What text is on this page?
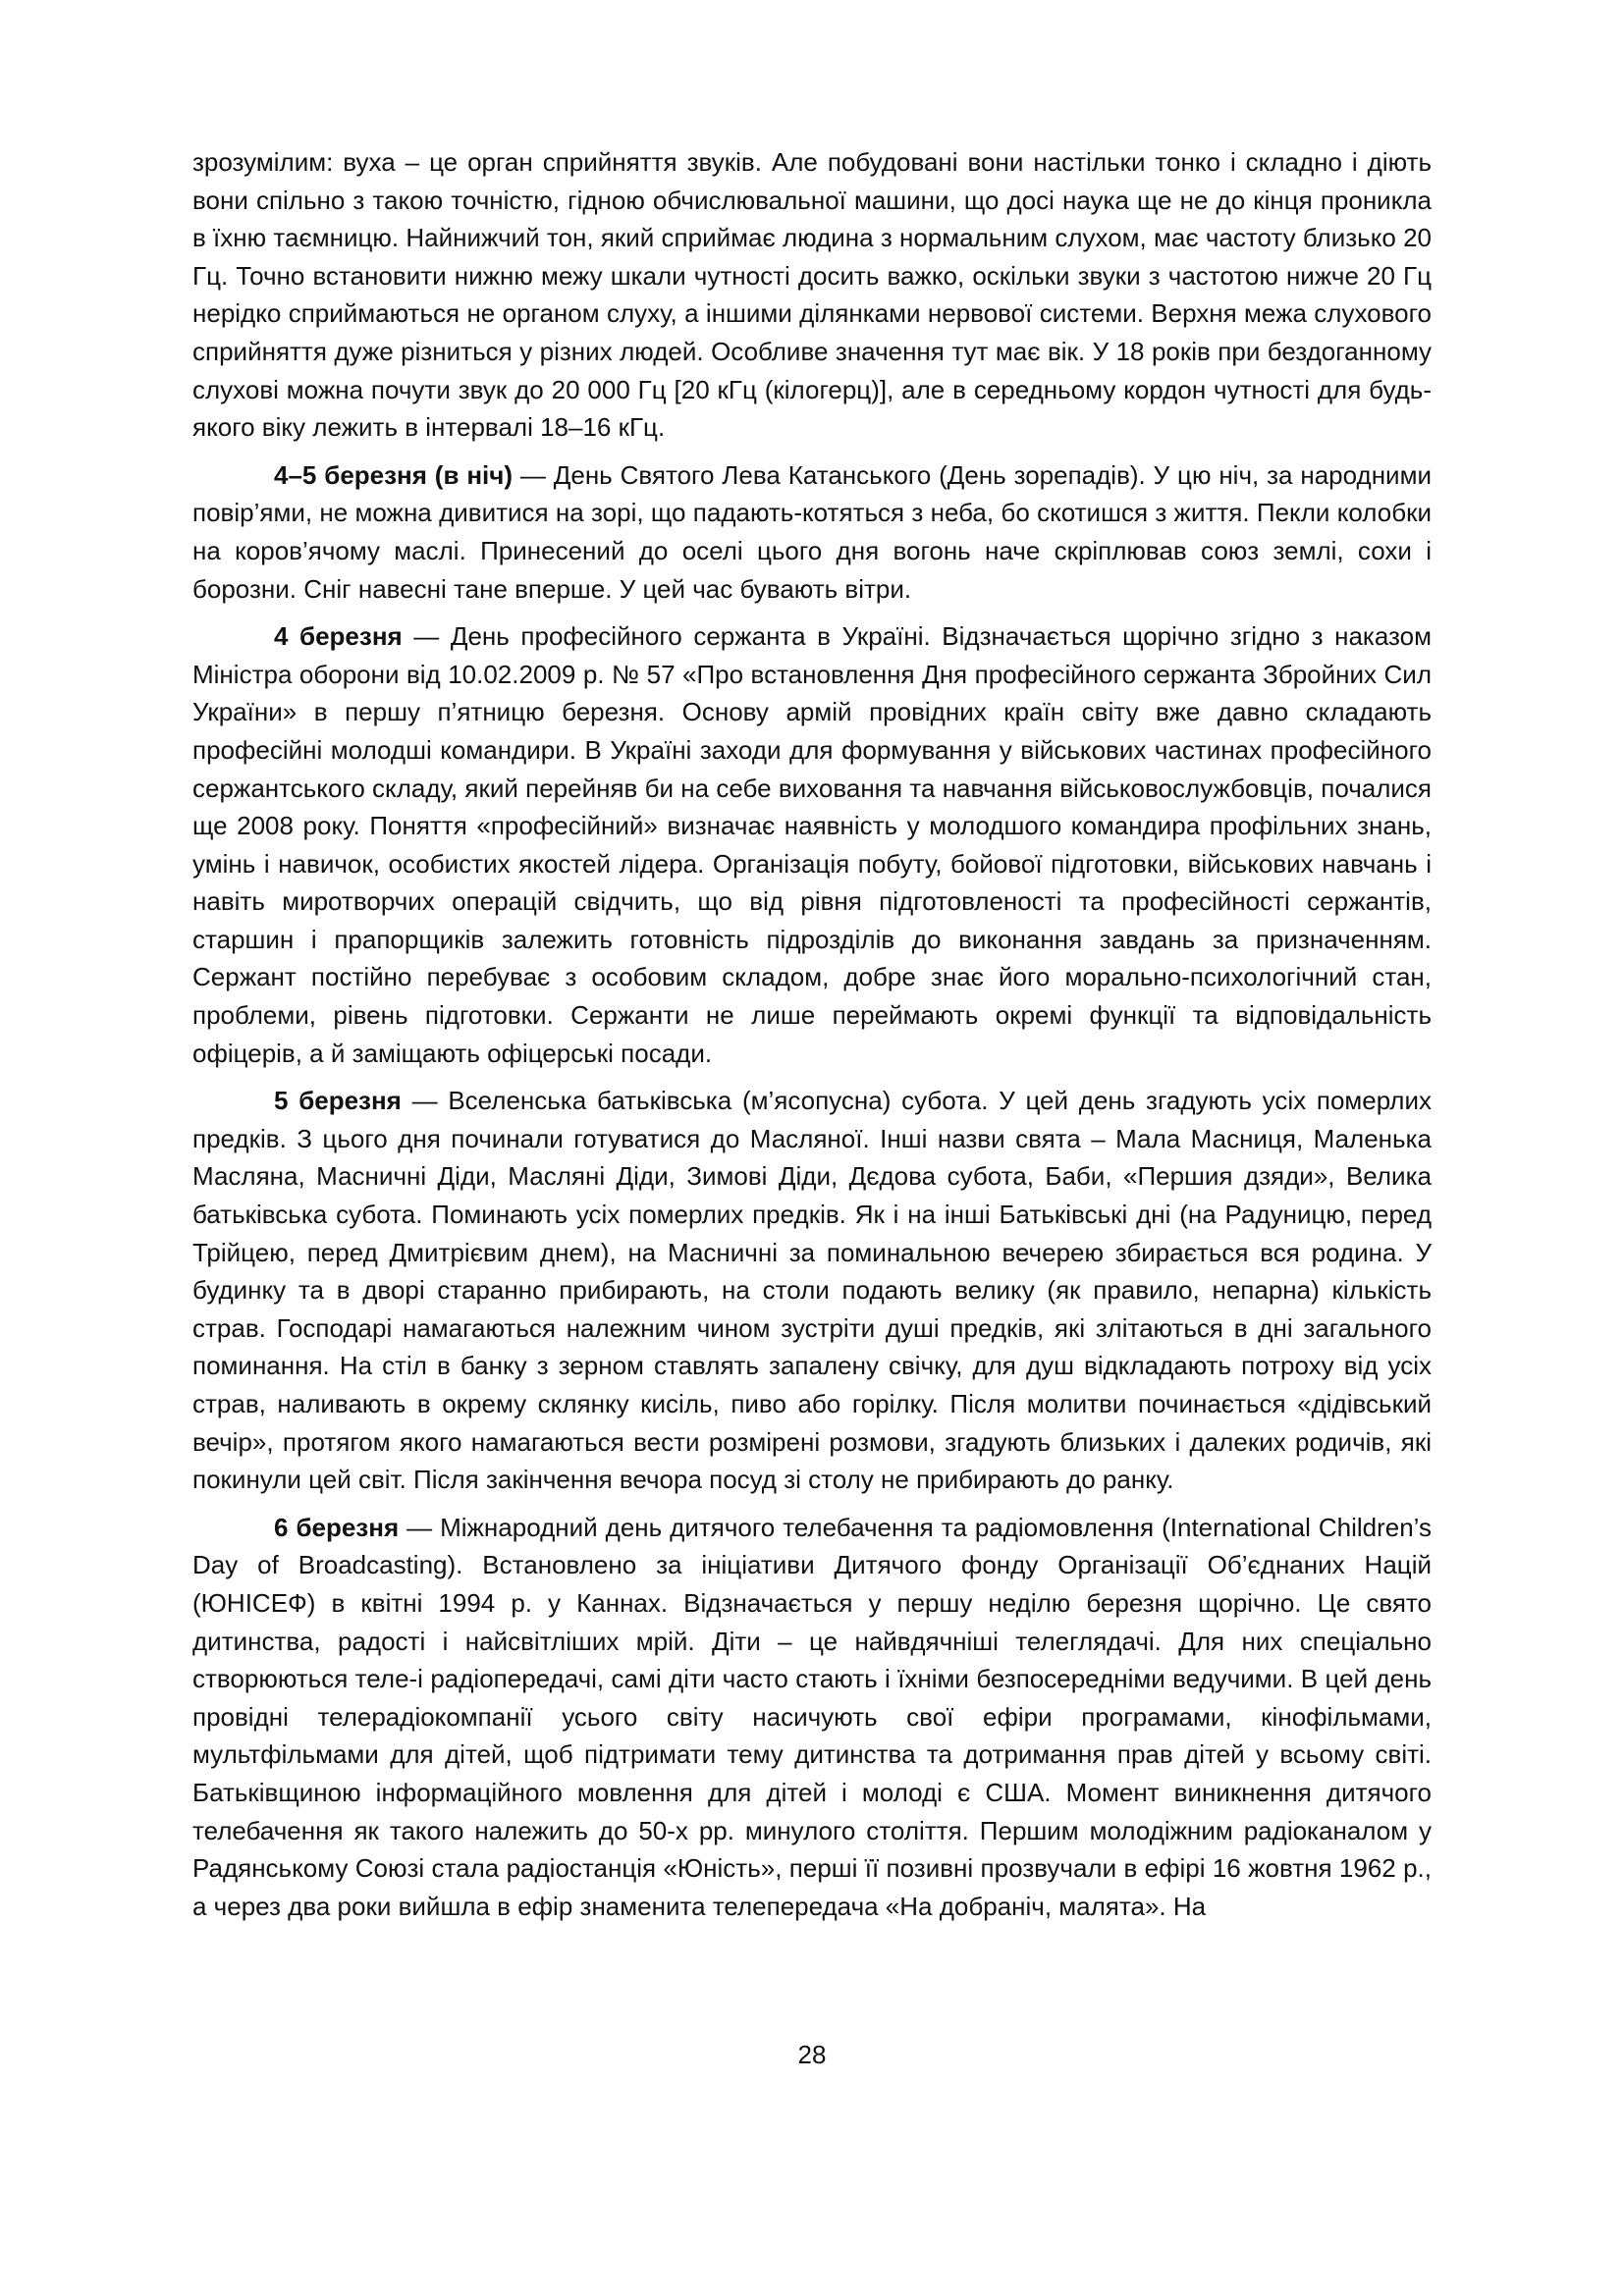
зрозумілим: вуха – це орган сприйняття звуків. Але побудовані вони настільки тонко і складно і діють вони спільно з такою точністю, гідною обчислювальної машини, що досі наука ще не до кінця проникла в їхню таємницю. Найнижчий тон, який сприймає людина з нормальним слухом, має частоту близько 20 Гц. Точно встановити нижню межу шкали чутності досить важко, оскільки звуки з частотою нижче 20 Гц нерідко сприймаються не органом слуху, а іншими ділянками нервової системи. Верхня межа слухового сприйняття дуже різниться у різних людей. Особливе значення тут має вік. У 18 років при бездоганному слухові можна почути звук до 20 000 Гц [20 кГц (кілогерц)], але в середньому кордон чутності для будь-якого віку лежить в інтервалі 18–16 кГц.

4–5 березня (в ніч) — День Святого Лева Катанського (День зорепадів). У цю ніч, за народними повір’ями, не можна дивитися на зорі, що падають-котяться з неба, бо скотишся з життя. Пекли колобки на коров’ячому маслі. Принесений до оселі цього дня вогонь наче скріплював союз землі, сохи і борозни. Сніг навесні тане вперше. У цей час бувають вітри.

4 березня — День професійного сержанта в Україні. Відзначається щорічно згідно з наказом Міністра оборони від 10.02.2009 р. № 57 «Про встановлення Дня професійного сержанта Збройних Сил України» в першу п’ятницю березня. Основу армій провідних країн світу вже давно складають професійні молодші командири. В Україні заходи для формування у військових частинах професійного сержантського складу, який перейняв би на себе виховання та навчання військовослужбовців, почалися ще 2008 року. Поняття «професійний» визначає наявність у молодшого командира профільних знань, умінь і навичок, особистих якостей лідера. Організація побуту, бойової підготовки, військових навчань і навіть миротворчих операцій свідчить, що від рівня підготовленості та професійності сержантів, старшин і прапорщиків залежить готовність підрозділів до виконання завдань за призначенням. Сержант постійно перебуває з особовим складом, добре знає його морально-психологічний стан, проблеми, рівень підготовки. Сержанти не лише переймають окремі функції та відповідальність офіцерів, а й заміщають офіцерські посади.

5 березня — Вселенська батьківська (м’ясопусна) субота. У цей день згадують усіх померлих предків. З цього дня починали готуватися до Масляної. Інші назви свята – Мала Масниця, Маленька Масляна, Масничні Діди, Масляні Діди, Зимові Діди, Дєдова субота, Баби, «Першия дзяди», Велика батьківська субота. Поминають усіх померлих предків. Як і на інші Батьківські дні (на Радуницю, перед Трійцею, перед Дмитрієвим днем), на Масничні за поминальною вечерею збирається вся родина. У будинку та в дворі старанно прибирають, на столи подають велику (як правило, непарна) кількість страв. Господарі намагаються належним чином зустріти душі предків, які злітаються в дні загального поминання. На стіл в банку з зерном ставлять запалену свічку, для душ відкладають потроху від усіх страв, наливають в окрему склянку кисіль, пиво або горілку. Після молитви починається «дідівський вечір», протягом якого намагаються вести розмірені розмови, згадують близьких і далеких родичів, які покинули цей світ. Після закінчення вечора посуд зі столу не прибирають до ранку.

6 березня — Міжнародний день дитячого телебачення та радіомовлення (International Children’s Day of Broadcasting). Встановлено за ініціативи Дитячого фонду Організації Об’єднаних Націй (ЮНІСЕФ) в квітні 1994 р. у Каннах. Відзначається у першу неділю березня щорічно. Це свято дитинства, радості і найсвітліших мрій. Діти – це найвдячніші телеглядачі. Для них спеціально створюються теле-і радіопередачі, самі діти часто стають і їхніми безпосередніми ведучими. В цей день провідні телерадіокомпанії усього світу насичують свої ефіри програмами, кінофільмами, мультфільмами для дітей, щоб підтримати тему дитинства та дотримання прав дітей у всьому світі. Батьківщиною інформаційного мовлення для дітей і молоді є США. Момент виникнення дитячого телебачення як такого належить до 50-х рр. минулого століття. Першим молодіжним радіоканалом у Радянському Союзі стала радіостанція «Юність», перші її позивні прозвучали в ефірі 16 жовтня 1962 р., а через два роки вийшла в ефір знаменита телепередача «На добраніч, малята». На

28
